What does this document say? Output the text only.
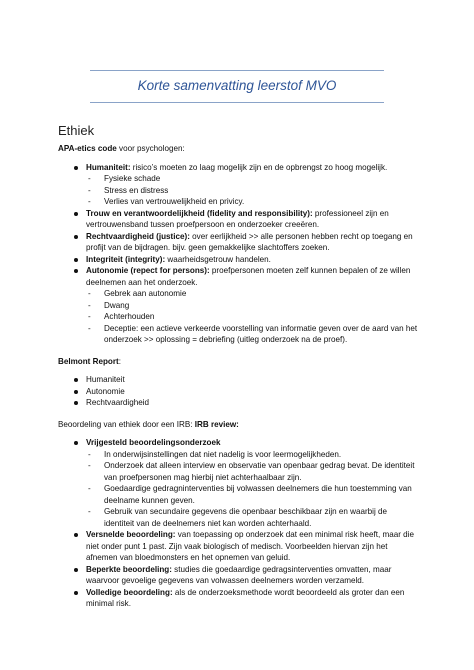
Korte samenvatting leerstof MVO
Ethiek

APA-etics code voor psychologen:

Humaniteit: risico’s moeten zo laag mogelijk zijn en de opbrengst zo hoog mogelijk.
- Fysieke schade
- Stress en distress
- Verlies van vertrouwelijkheid en privicy.
Trouw en verantwoordelijkheid (fidelity and responsibility): professioneel zijn en vertrouwensband tussen proefpersoon en onderzoeker creeëren.
Rechtvaardigheid (justice): over eerlijkheid >> alle personen hebben recht op toegang en profijt van de bijdragen. bijv. geen gemakkelijke slachtoffers zoeken.
Integriteit (integrity): waarheidsgetrouw handelen.
Autonomie (repect for persons): proefpersonen moeten zelf kunnen bepalen of ze willen deelnemen aan het onderzoek.
- Gebrek aan autonomie
- Dwang
- Achterhouden
- Deceptie: een actieve verkeerde voorstelling van informatie geven over de aard van het onderzoek >> oplossing = debriefing (uitleg onderzoek na de proef).

Belmont Report:

Humaniteit
Autonomie
Rechtvaardigheid

Beoordeling van ethiek door een IRB: IRB review:

Vrijgesteld beoordelingsonderzoek
- In onderwijsinstellingen dat niet nadelig is voor leermogelijkheden.
- Onderzoek dat alleen interview en observatie van openbaar gedrag bevat. De identiteit van proefpersonen mag hierbij niet achterhaalbaar zijn.
- Goedaardige gedragninterventies bij volwassen deelnemers die hun toestemming van deelname kunnen geven.
- Gebruik van secundaire gegevens die openbaar beschikbaar zijn en waarbij de identiteit van de deelnemers niet kan worden achterhaald.
Versnelde beoordeling: van toepassing op onderzoek dat een minimal risk heeft, maar die niet onder punt 1 past. Zijn vaak biologisch of medisch. Voorbeelden hiervan zijn het afnemen van bloedmonsters en het opnemen van geluid.
Beperkte beoordeling: studies die goedaardige gedragsinterventies omvatten, maar waarvoor gevoelige gegevens van volwassen deelnemers worden verzameld.
Volledige beoordeling: als de onderzoeksmethode wordt beoordeeld als groter dan een minimal risk.
